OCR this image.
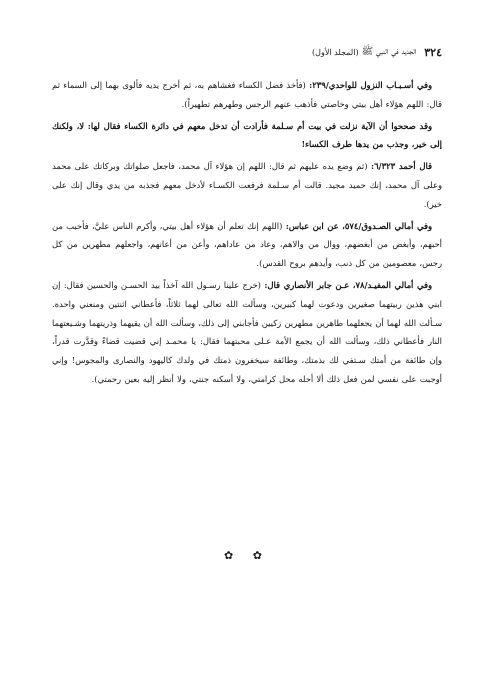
٣٢٤
الجديد في النبي ﷺ
(المجلد الأول)

وفي أسـبـاب النزول للواحدي/٢٣٩: (فأخذ فضل الكساء فغشاهم به، ثم أخرج يديه فألوى بهما إلى السماء ثم قال: اللهم هؤلاء أهل بيتي وخاصتي فأذهب عنهم الرجس وطهرهم تطهيراً).

وقد صححوا أن الآية نزلت في بيت أم سـلمة فأرادت أن تدخل معهم في دائرة الكساء فقال لها: لا، ولكنك إلى خير، وجذب من يدها طرف الكساء!

قال أحمد ٦/٣٢٣: (ثم وضع يده عليهم ثم قال: اللهم إن هؤلاء آل محمد، فاجعل صلواتك وبركاتك على محمد وعلى آل محمد، إنك حميد مجيد. قالت أم سـلمة فرفعت الكسـاء لأدخل معهم فجذبه من يدي وقال إنك على خير).

وفي أمالي الصـدوق/٥٧٤، عن ابن عباس: (اللهم إنك تعلم أن هؤلاء أهل بيتي، وأكرم الناس عليَّ، فأحبب من أحبهم، وأبغض من أبغضهم، ووال من والاهم، وعاد من عاداهم، وأعن من أعانهم، واجعلهم مطهرين من كل رجس، معصومين من كل ذنب، وأيدهم بروح القدس).

وفي أمالي المفيـد/٧٨، عـن جابر الأنصاري قال: (خرج علينا رسـول الله آخذاً بيد الحسـن والحسين فقال: إن ابني هذين ربيتهما صغيرين ودعوت لهما كبيرين، وسألت الله تعالى لهما ثلاثاً، فأعطاني اثنتين ومنعني واحدة. سـألت الله لهما أن يجعلهما طاهرين مطهرين زكيين فأجابني إلى ذلك، وسألت الله أن يقيهما وذريتهما وشـيعتهما النار فأعطاني ذلك، وسألت الله أن يجمع الأمة عـلى محبتهما فقال: يا محمـد إني قضيت قضاءً وقدَّرت قدراً، وإن طائفة من أمتك سـتفي لك بذمتك، وطائفة سيخفرون ذمتك في ولدك كاليهود والنصارى والمجوس! وإني أوجبت على نفسي لمن فعل ذلك ألا أحله محل كرامتي، ولا أسكنه جنتي، ولا أنظر إليه بعين رحمتي).

✿ ✿
